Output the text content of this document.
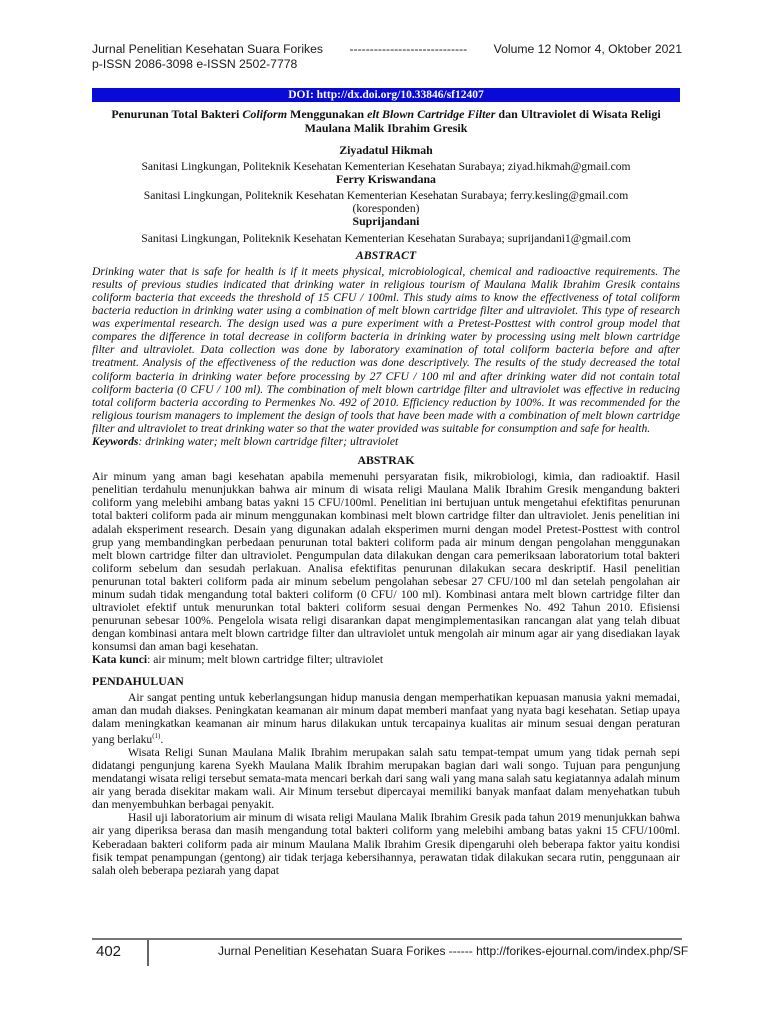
Jurnal Penelitian Kesehatan Suara Forikes ----------------------------- Volume 12 Nomor 4, Oktober 2021
p-ISSN 2086-3098 e-ISSN 2502-7778
DOI: http://dx.doi.org/10.33846/sf12407

Penurunan Total Bakteri Coliform Menggunakan elt Blown Cartridge Filter dan Ultraviolet di Wisata Religi Maulana Malik Ibrahim Gresik

Ziyadatul Hikmah

Sanitasi Lingkungan, Politeknik Kesehatan Kementerian Kesehatan Surabaya; ziyad.hikmah@gmail.com

Ferry Kriswandana

Sanitasi Lingkungan, Politeknik Kesehatan Kementerian Kesehatan Surabaya; ferry.kesling@gmail.com

(koresponden)

Suprijandani

Sanitasi Lingkungan, Politeknik Kesehatan Kementerian Kesehatan Surabaya; suprijandani1@gmail.com

ABSTRACT

Drinking water that is safe for health is if it meets physical, microbiological, chemical and radioactive requirements. The results of previous studies indicated that drinking water in religious tourism of Maulana Malik Ibrahim Gresik contains coliform bacteria that exceeds the threshold of 15 CFU / 100ml. This study aims to know the effectiveness of total coliform bacteria reduction in drinking water using a combination of melt blown cartridge filter and ultraviolet. This type of research was experimental research. The design used was a pure experiment with a Pretest-Posttest with control group model that compares the difference in total decrease in coliform bacteria in drinking water by processing using melt blown cartridge filter and ultraviolet. Data collection was done by laboratory examination of total coliform bacteria before and after treatment. Analysis of the effectiveness of the reduction was done descriptively. The results of the study decreased the total coliform bacteria in drinking water before processing by 27 CFU / 100 ml and after drinking water did not contain total coliform bacteria (0 CFU / 100 ml). The combination of melt blown cartridge filter and ultraviolet was effective in reducing total coliform bacteria according to Permenkes No. 492 of 2010. Efficiency reduction by 100%. It was recommended for the religious tourism managers to implement the design of tools that have been made with a combination of melt blown cartridge filter and ultraviolet to treat drinking water so that the water provided was suitable for consumption and safe for health.

Keywords: drinking water; melt blown cartridge filter; ultraviolet

ABSTRAK

Air minum yang aman bagi kesehatan apabila memenuhi persyaratan fisik, mikrobiologi, kimia, dan radioaktif. Hasil penelitian terdahulu menunjukkan bahwa air minum di wisata religi Maulana Malik Ibrahim Gresik mengandung bakteri coliform yang melebihi ambang batas yakni 15 CFU/100ml. Penelitian ini bertujuan untuk mengetahui efektifitas penurunan total bakteri coliform pada air minum menggunakan kombinasi melt blown cartridge filter dan ultraviolet. Jenis penelitian ini adalah eksperiment research. Desain yang digunakan adalah eksperimen murni dengan model Pretest-Posttest with control grup yang membandingkan perbedaan penurunan total bakteri coliform pada air minum dengan pengolahan menggunakan melt blown cartridge filter dan ultraviolet. Pengumpulan data dilakukan dengan cara pemeriksaan laboratorium total bakteri coliform sebelum dan sesudah perlakuan. Analisa efektifitas penurunan dilakukan secara deskriptif. Hasil penelitian penurunan total bakteri coliform pada air minum sebelum pengolahan sebesar 27 CFU/100 ml dan setelah pengolahan air minum sudah tidak mengandung total bakteri coliform (0 CFU/ 100 ml). Kombinasi antara melt blown cartridge filter dan ultraviolet efektif untuk menurunkan total bakteri coliform sesuai dengan Permenkes No. 492 Tahun 2010. Efisiensi penurunan sebesar 100%. Pengelola wisata religi disarankan dapat mengimplementasikan rancangan alat yang telah dibuat dengan kombinasi antara melt blown cartridge filter dan ultraviolet untuk mengolah air minum agar air yang disediakan layak konsumsi dan aman bagi kesehatan.

Kata kunci: air minum; melt blown cartridge filter; ultraviolet

PENDAHULUAN

Air sangat penting untuk keberlangsungan hidup manusia dengan memperhatikan kepuasan manusia yakni memadai, aman dan mudah diakses. Peningkatan keamanan air minum dapat memberi manfaat yang nyata bagi kesehatan. Setiap upaya dalam meningkatkan keamanan air minum harus dilakukan untuk tercapainya kualitas air minum sesuai dengan peraturan yang berlaku$^{(1)}$.

Wisata Religi Sunan Maulana Malik Ibrahim merupakan salah satu tempat-tempat umum yang tidak pernah sepi didatangi pengunjung karena Syekh Maulana Malik Ibrahim merupakan bagian dari wali songo. Tujuan para pengunjung mendatangi wisata religi tersebut semata-mata mencari berkah dari sang wali yang mana salah satu kegiatannya adalah minum air yang berada disekitar makam wali. Air Minum tersebut dipercayai memiliki banyak manfaat dalam menyehatkan tubuh dan menyembuhkan berbagai penyakit.

Hasil uji laboratorium air minum di wisata religi Maulana Malik Ibrahim Gresik pada tahun 2019 menunjukkan bahwa air yang diperiksa berasa dan masih mengandung total bakteri coliform yang melebihi ambang batas yakni 15 CFU/100ml. Keberadaan bakteri coliform pada air minum Maulana Malik Ibrahim Gresik dipengaruhi oleh beberapa faktor yaitu kondisi fisik tempat penampungan (gentong) air tidak terjaga kebersihannya, perawatan tidak dilakukan secara rutin, penggunaan air salah oleh beberapa peziarah yang dapat

402	Jurnal Penelitian Kesehatan Suara Forikes ------ http://forikes-ejournal.com/index.php/SF
